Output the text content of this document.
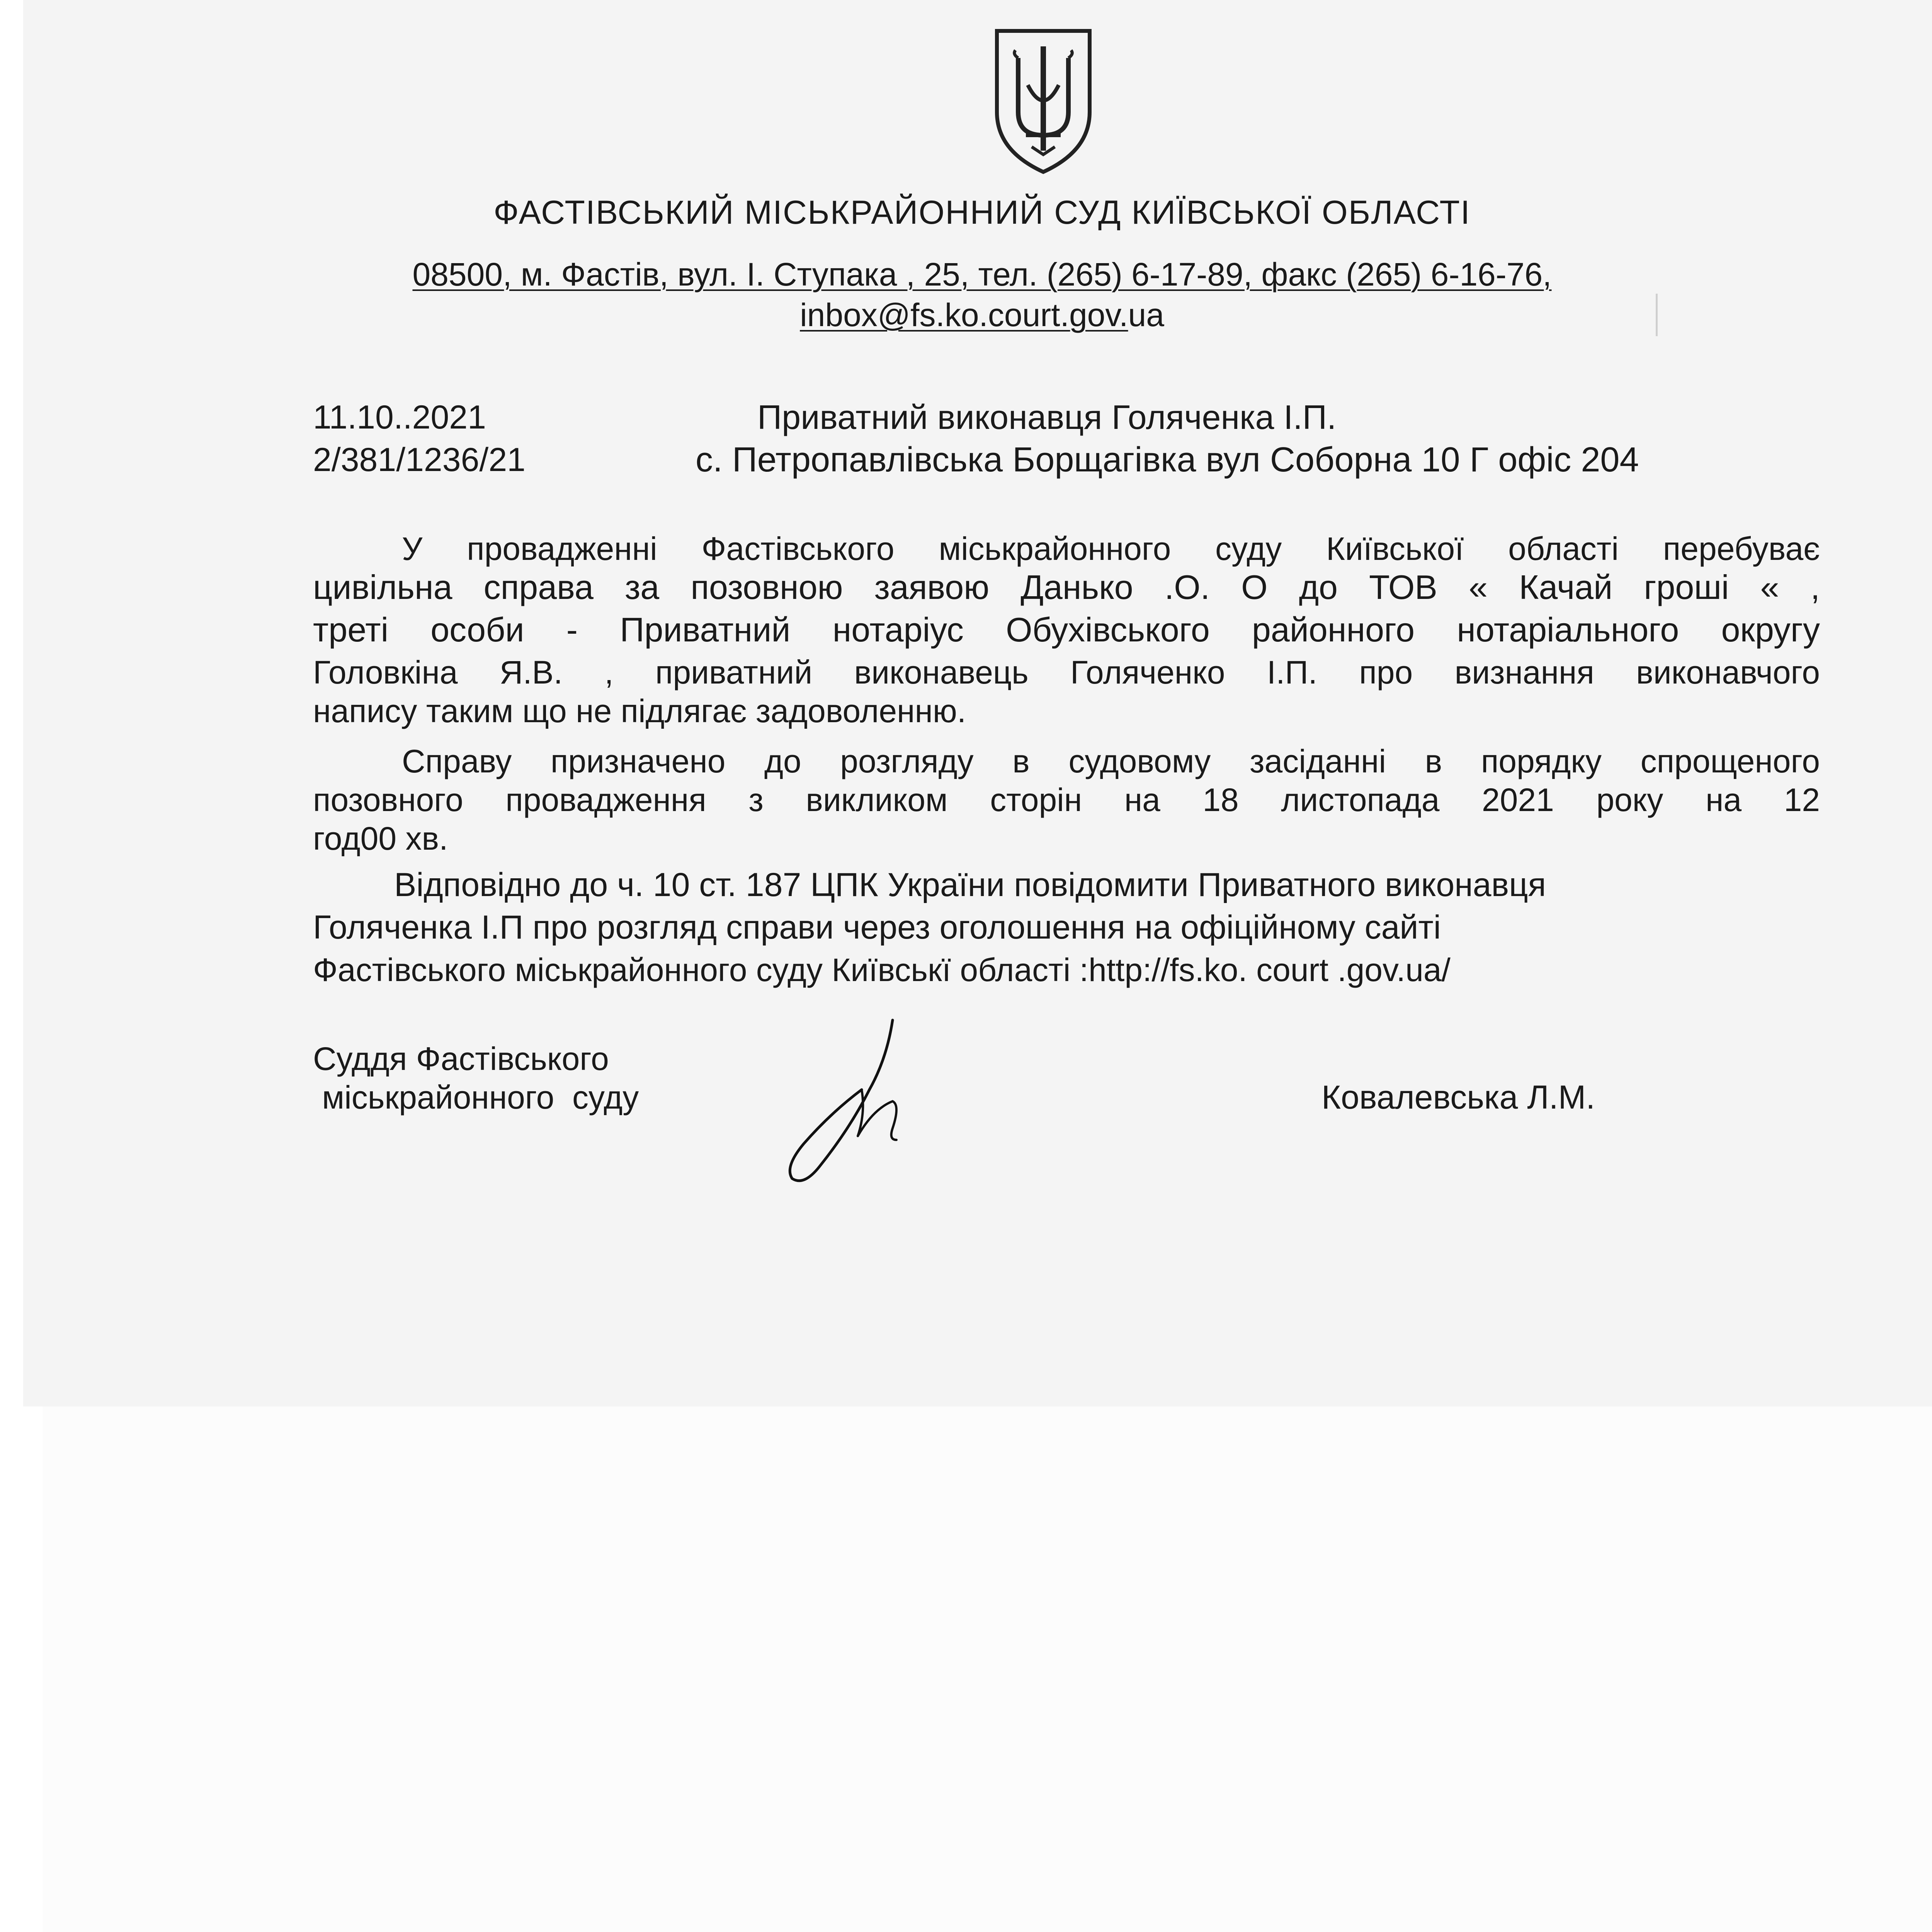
ФАСТІВСЬКИЙ МІСЬКРАЙОННИЙ СУД КИЇВСЬКОЇ ОБЛАСТІ
08500, м. Фастів, вул. І. Ступака , 25, тел. (265) 6-17-89, факс (265) 6-16-76,
inbox@fs.ko.court.gov.ua
11.10..2021
2/381/1236/21
Приватний виконавця Голяченка І.П.
с. Петропавлівська Борщагівка вул Соборна 10 Г офіс 204
У провадженні Фастівського міськрайонного суду Київської області перебуває
цивільна справа за позовною заявою Данько .О. О до ТОВ « Качай гроші « ,
треті особи - Приватний нотаріус Обухівського районного нотаріального округу
Головкіна Я.В. , приватний виконавець Голяченко І.П. про визнання виконавчого
напису таким що не підлягає задоволенню.
Справу призначено до розгляду в судовому засіданні в порядку спрощеного
позовного провадження з викликом сторін на 18 листопада 2021 року на 12
год00 хв.
Відповідно до ч. 10 ст. 187 ЦПК України повідомити Приватного виконавця
Голяченка І.П про розгляд справи через оголошення на офіційному сайті
Фастівського міськрайонного суду Київськї області :http://fs.ko. court .gov.ua/
Суддя Фастівського
міськрайонного  суду	Ковалевська Л.М.
